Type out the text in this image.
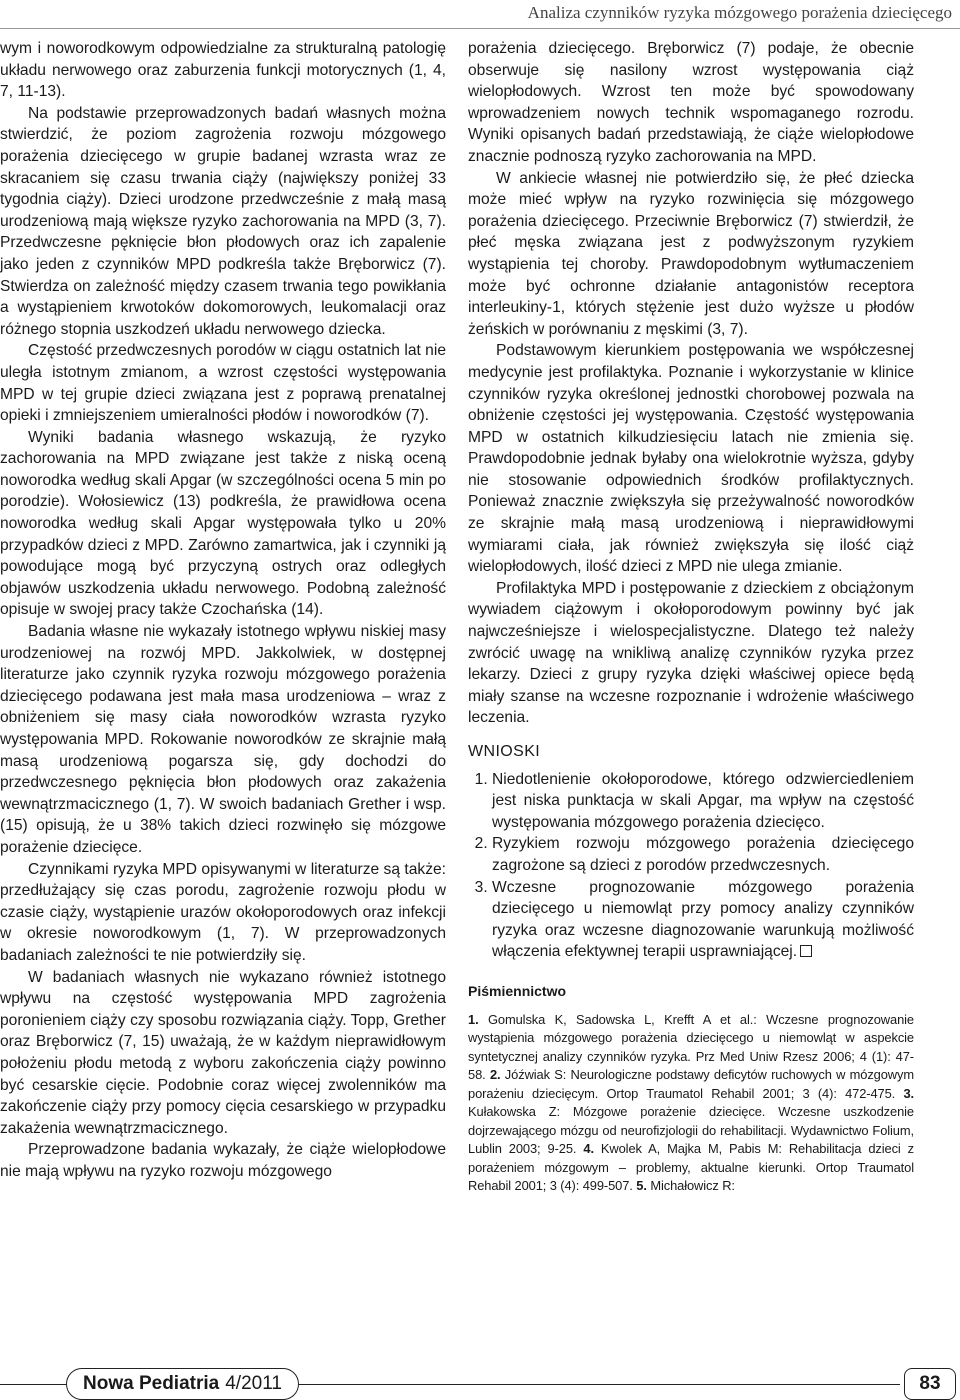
Analiza czynników ryzyka mózgowego porażenia dziecięcego

wym i noworodkowym odpowiedzialne za strukturalną patologię układu nerwowego oraz zaburzenia funkcji motorycznych (1, 4, 7, 11-13).

Na podstawie przeprowadzonych badań własnych można stwierdzić, że poziom zagrożenia rozwoju mózgowego porażenia dziecięcego w grupie badanej wzrasta wraz ze skracaniem się czasu trwania ciąży (największy poniżej 33 tygodnia ciąży). Dzieci urodzone przedwcześnie z małą masą urodzeniową mają większe ryzyko zachorowania na MPD (3, 7). Przedwczesne pęknięcie błon płodowych oraz ich zapalenie jako jeden z czynników MPD podkreśla także Bręborwicz (7). Stwierdza on zależność między czasem trwania tego powikłania a wystąpieniem krwotoków dokomorowych, leukomalacji oraz różnego stopnia uszkodzeń układu nerwowego dziecka.

Częstość przedwczesnych porodów w ciągu ostatnich lat nie uległa istotnym zmianom, a wzrost częstości występowania MPD w tej grupie dzieci związana jest z poprawą prenatalnej opieki i zmniejszeniem umieralności płodów i noworodków (7).

Wyniki badania własnego wskazują, że ryzyko zachorowania na MPD związane jest także z niską oceną noworodka według skali Apgar (w szczególności ocena 5 min po porodzie). Wołosiewicz (13) podkreśla, że prawidłowa ocena noworodka według skali Apgar występowała tylko u 20% przypadków dzieci z MPD. Zarówno zamartwica, jak i czynniki ją powodujące mogą być przyczyną ostrych oraz odległych objawów uszkodzenia układu nerwowego. Podobną zależność opisuje w swojej pracy także Czochańska (14).

Badania własne nie wykazały istotnego wpływu niskiej masy urodzeniowej na rozwój MPD. Jakkolwiek, w dostępnej literaturze jako czynnik ryzyka rozwoju mózgowego porażenia dziecięcego podawana jest mała masa urodzeniowa – wraz z obniżeniem się masy ciała noworodków wzrasta ryzyko występowania MPD. Rokowanie noworodków ze skrajnie małą masą urodzeniową pogarsza się, gdy dochodzi do przedwczesnego pęknięcia błon płodowych oraz zakażenia wewnątrzmacicznego (1, 7). W swoich badaniach Grether i wsp. (15) opisują, że u 38% takich dzieci rozwinęło się mózgowe porażenie dziecięce.

Czynnikami ryzyka MPD opisywanymi w literaturze są także: przedłużający się czas porodu, zagrożenie rozwoju płodu w czasie ciąży, wystąpienie urazów okołoporodowych oraz infekcji w okresie noworodkowym (1, 7). W przeprowadzonych badaniach zależności te nie potwierdziły się.

W badaniach własnych nie wykazano również istotnego wpływu na częstość występowania MPD zagrożenia poronieniem ciąży czy sposobu rozwiązania ciąży. Topp, Grether oraz Bręborwicz (7, 15) uważają, że w każdym nieprawidłowym położeniu płodu metodą z wyboru zakończenia ciąży powinno być cesarskie cięcie. Podobnie coraz więcej zwolenników ma zakończenie ciąży przy pomocy cięcia cesarskiego w przypadku zakażenia wewnątrzmacicznego.

Przeprowadzone badania wykazały, że ciąże wielopłodowe nie mają wpływu na ryzyko rozwoju mózgowego

porażenia dziecięcego. Bręborwicz (7) podaje, że obecnie obserwuje się nasilony wzrost występowania ciąż wielopłodowych. Wzrost ten może być spowodowany wprowadzeniem nowych technik wspomaganego rozrodu. Wyniki opisanych badań przedstawiają, że ciąże wielopłodowe znacznie podnoszą ryzyko zachorowania na MPD.

W ankiecie własnej nie potwierdziło się, że płeć dziecka może mieć wpływ na ryzyko rozwinięcia się mózgowego porażenia dziecięcego. Przeciwnie Bręborwicz (7) stwierdził, że płeć męska związana jest z podwyższonym ryzykiem wystąpienia tej choroby. Prawdopodobnym wytłumaczeniem może być ochronne działanie antagonistów receptora interleukiny-1, których stężenie jest dużo wyższe u płodów żeńskich w porównaniu z męskimi (3, 7).

Podstawowym kierunkiem postępowania we współczesnej medycynie jest profilaktyka. Poznanie i wykorzystanie w klinice czynników ryzyka określonej jednostki chorobowej pozwala na obniżenie częstości jej występowania. Częstość występowania MPD w ostatnich kilkudziesięciu latach nie zmienia się. Prawdopodobnie jednak byłaby ona wielokrotnie wyższa, gdyby nie stosowanie odpowiednich środków profilaktycznych. Ponieważ znacznie zwiększyła się przeżywalność noworodków ze skrajnie małą masą urodzeniową i nieprawidłowymi wymiarami ciała, jak również zwiększyła się ilość ciąż wielopłodowych, ilość dzieci z MPD nie ulega zmianie.

Profilaktyka MPD i postępowanie z dzieckiem z obciążonym wywiadem ciążowym i okołoporodowym powinny być jak najwcześniejsze i wielospecjalistyczne. Dlatego też należy zwrócić uwagę na wnikliwą analizę czynników ryzyka przez lekarzy. Dzieci z grupy ryzyka dzięki właściwej opiece będą miały szanse na wczesne rozpoznanie i wdrożenie właściwego leczenia.

WNIOSKI
1. Niedotlenienie okołoporodowe, którego odzwierciedleniem jest niska punktacja w skali Apgar, ma wpływ na częstość występowania mózgowego porażenia dziecięco.
2. Ryzykiem rozwoju mózgowego porażenia dziecięcego zagrożone są dzieci z porodów przedwczesnych.
3. Wczesne prognozowanie mózgowego porażenia dziecięcego u niemowląt przy pomocy analizy czynników ryzyka oraz wczesne diagnozowanie warunkują możliwość włączenia efektywnej terapii usprawniającej.
Piśmiennictwo
1. Gomulska K, Sadowska L, Krefft A et al.: Wczesne prognozowanie wystąpienia mózgowego porażenia dziecięcego u niemowląt w aspekcie syntetycznej analizy czynników ryzyka. Prz Med Uniw Rzesz 2006; 4 (1): 47-58. 2. Jóźwiak S: Neurologiczne podstawy deficytów ruchowych w mózgowym porażeniu dziecięcym. Ortop Traumatol Rehabil 2001; 3 (4): 472-475. 3. Kułakowska Z: Mózgowe porażenie dziecięce. Wczesne uszkodzenie dojrzewającego mózgu od neurofizjologii do rehabilitacji. Wydawnictwo Folium, Lublin 2003; 9-25. 4. Kwolek A, Majka M, Pabis M: Rehabilitacja dzieci z porażeniem mózgowym – problemy, aktualne kierunki. Ortop Traumatol Rehabil 2001; 3 (4): 499-507. 5. Michałowicz R:
Nowa Pediatria 4/2011	83
